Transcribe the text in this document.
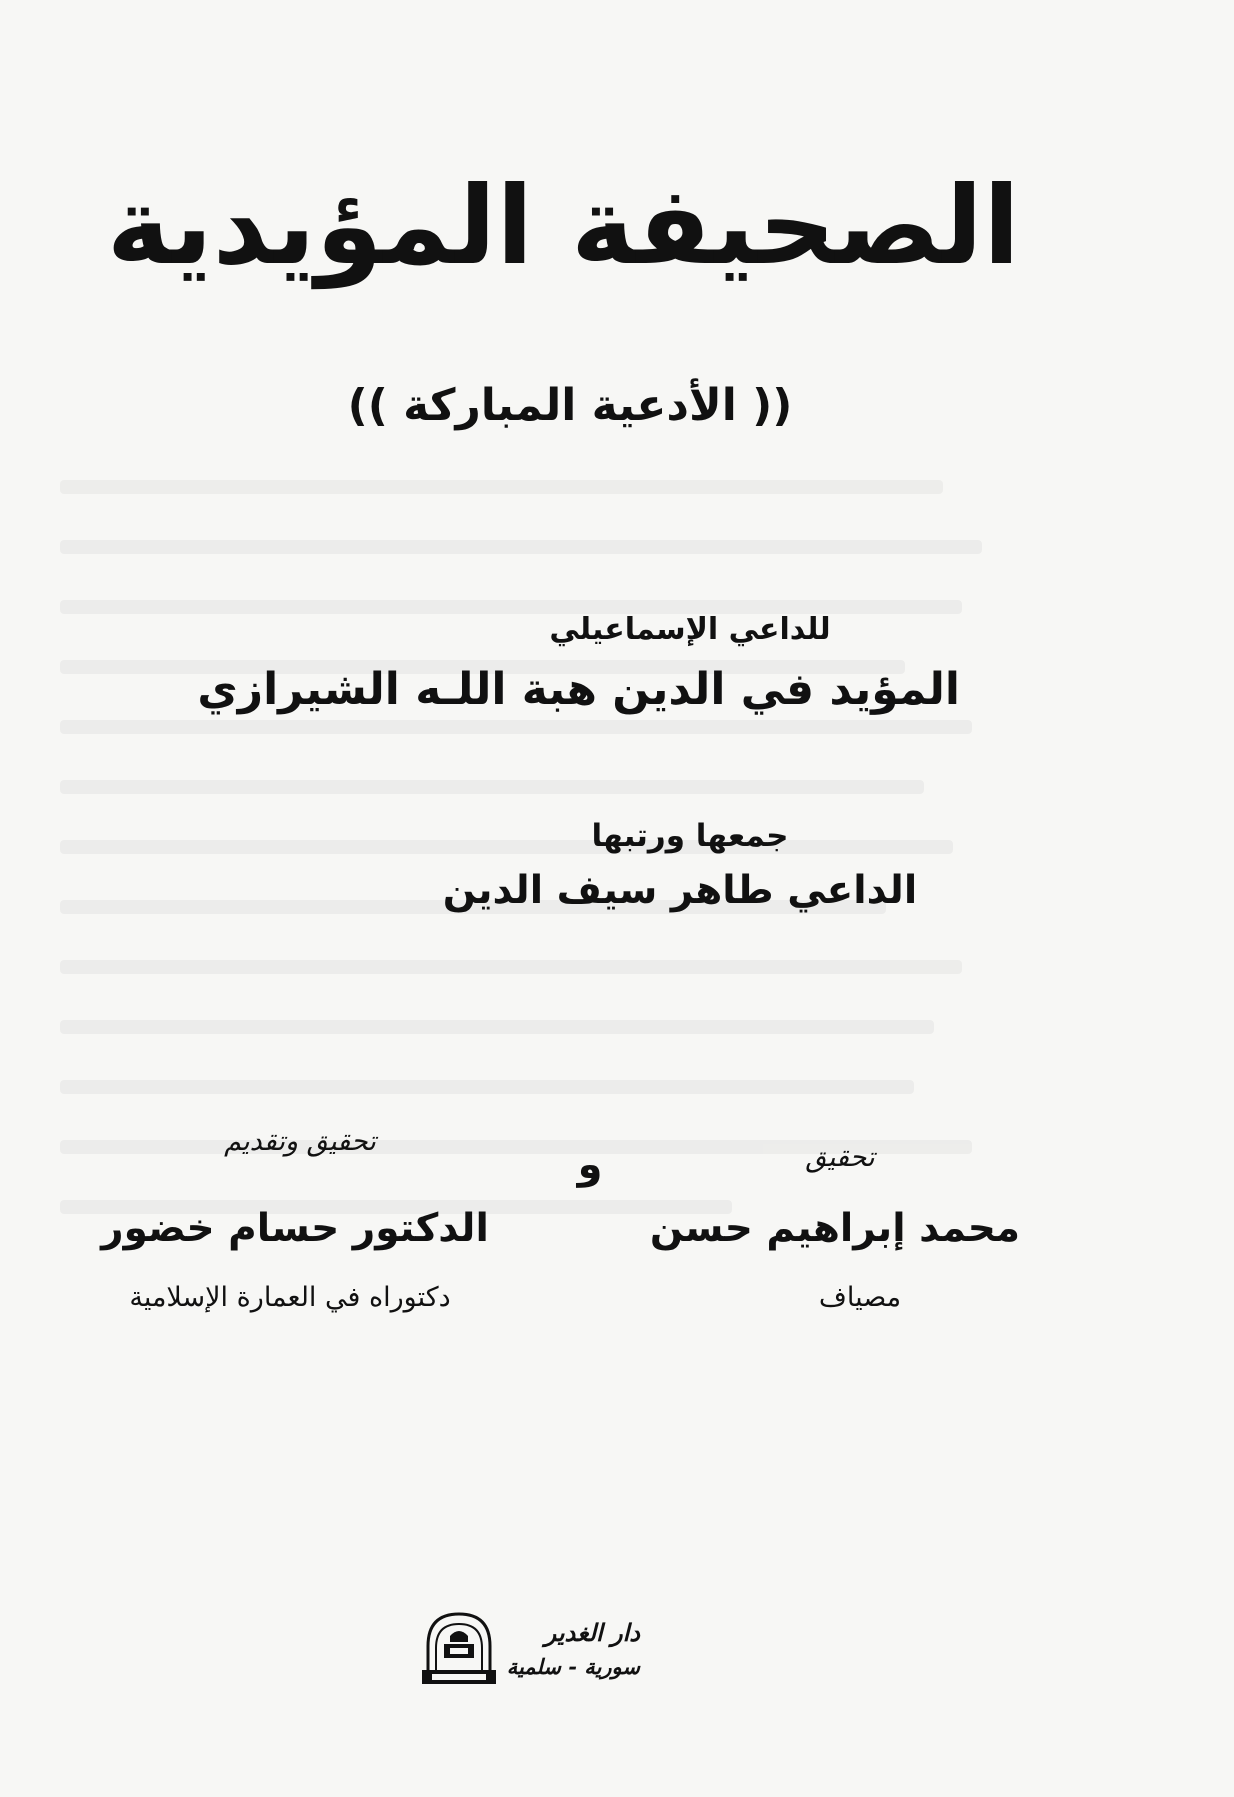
الصحيفة المؤيدية
(( الأدعية المباركة ))
للداعي الإسماعيلي
المؤيد في الدين هبة اللـه الشيرازي
جمعها ورتبها
الداعي طاهر سيف الدين
تحقيق
و
تحقيق وتقديم
محمد إبراهيم حسن
الدكتور حسام خضور
مصياف
دكتوراه في العمارة الإسلامية
دار الغدير
سورية - سلمية
